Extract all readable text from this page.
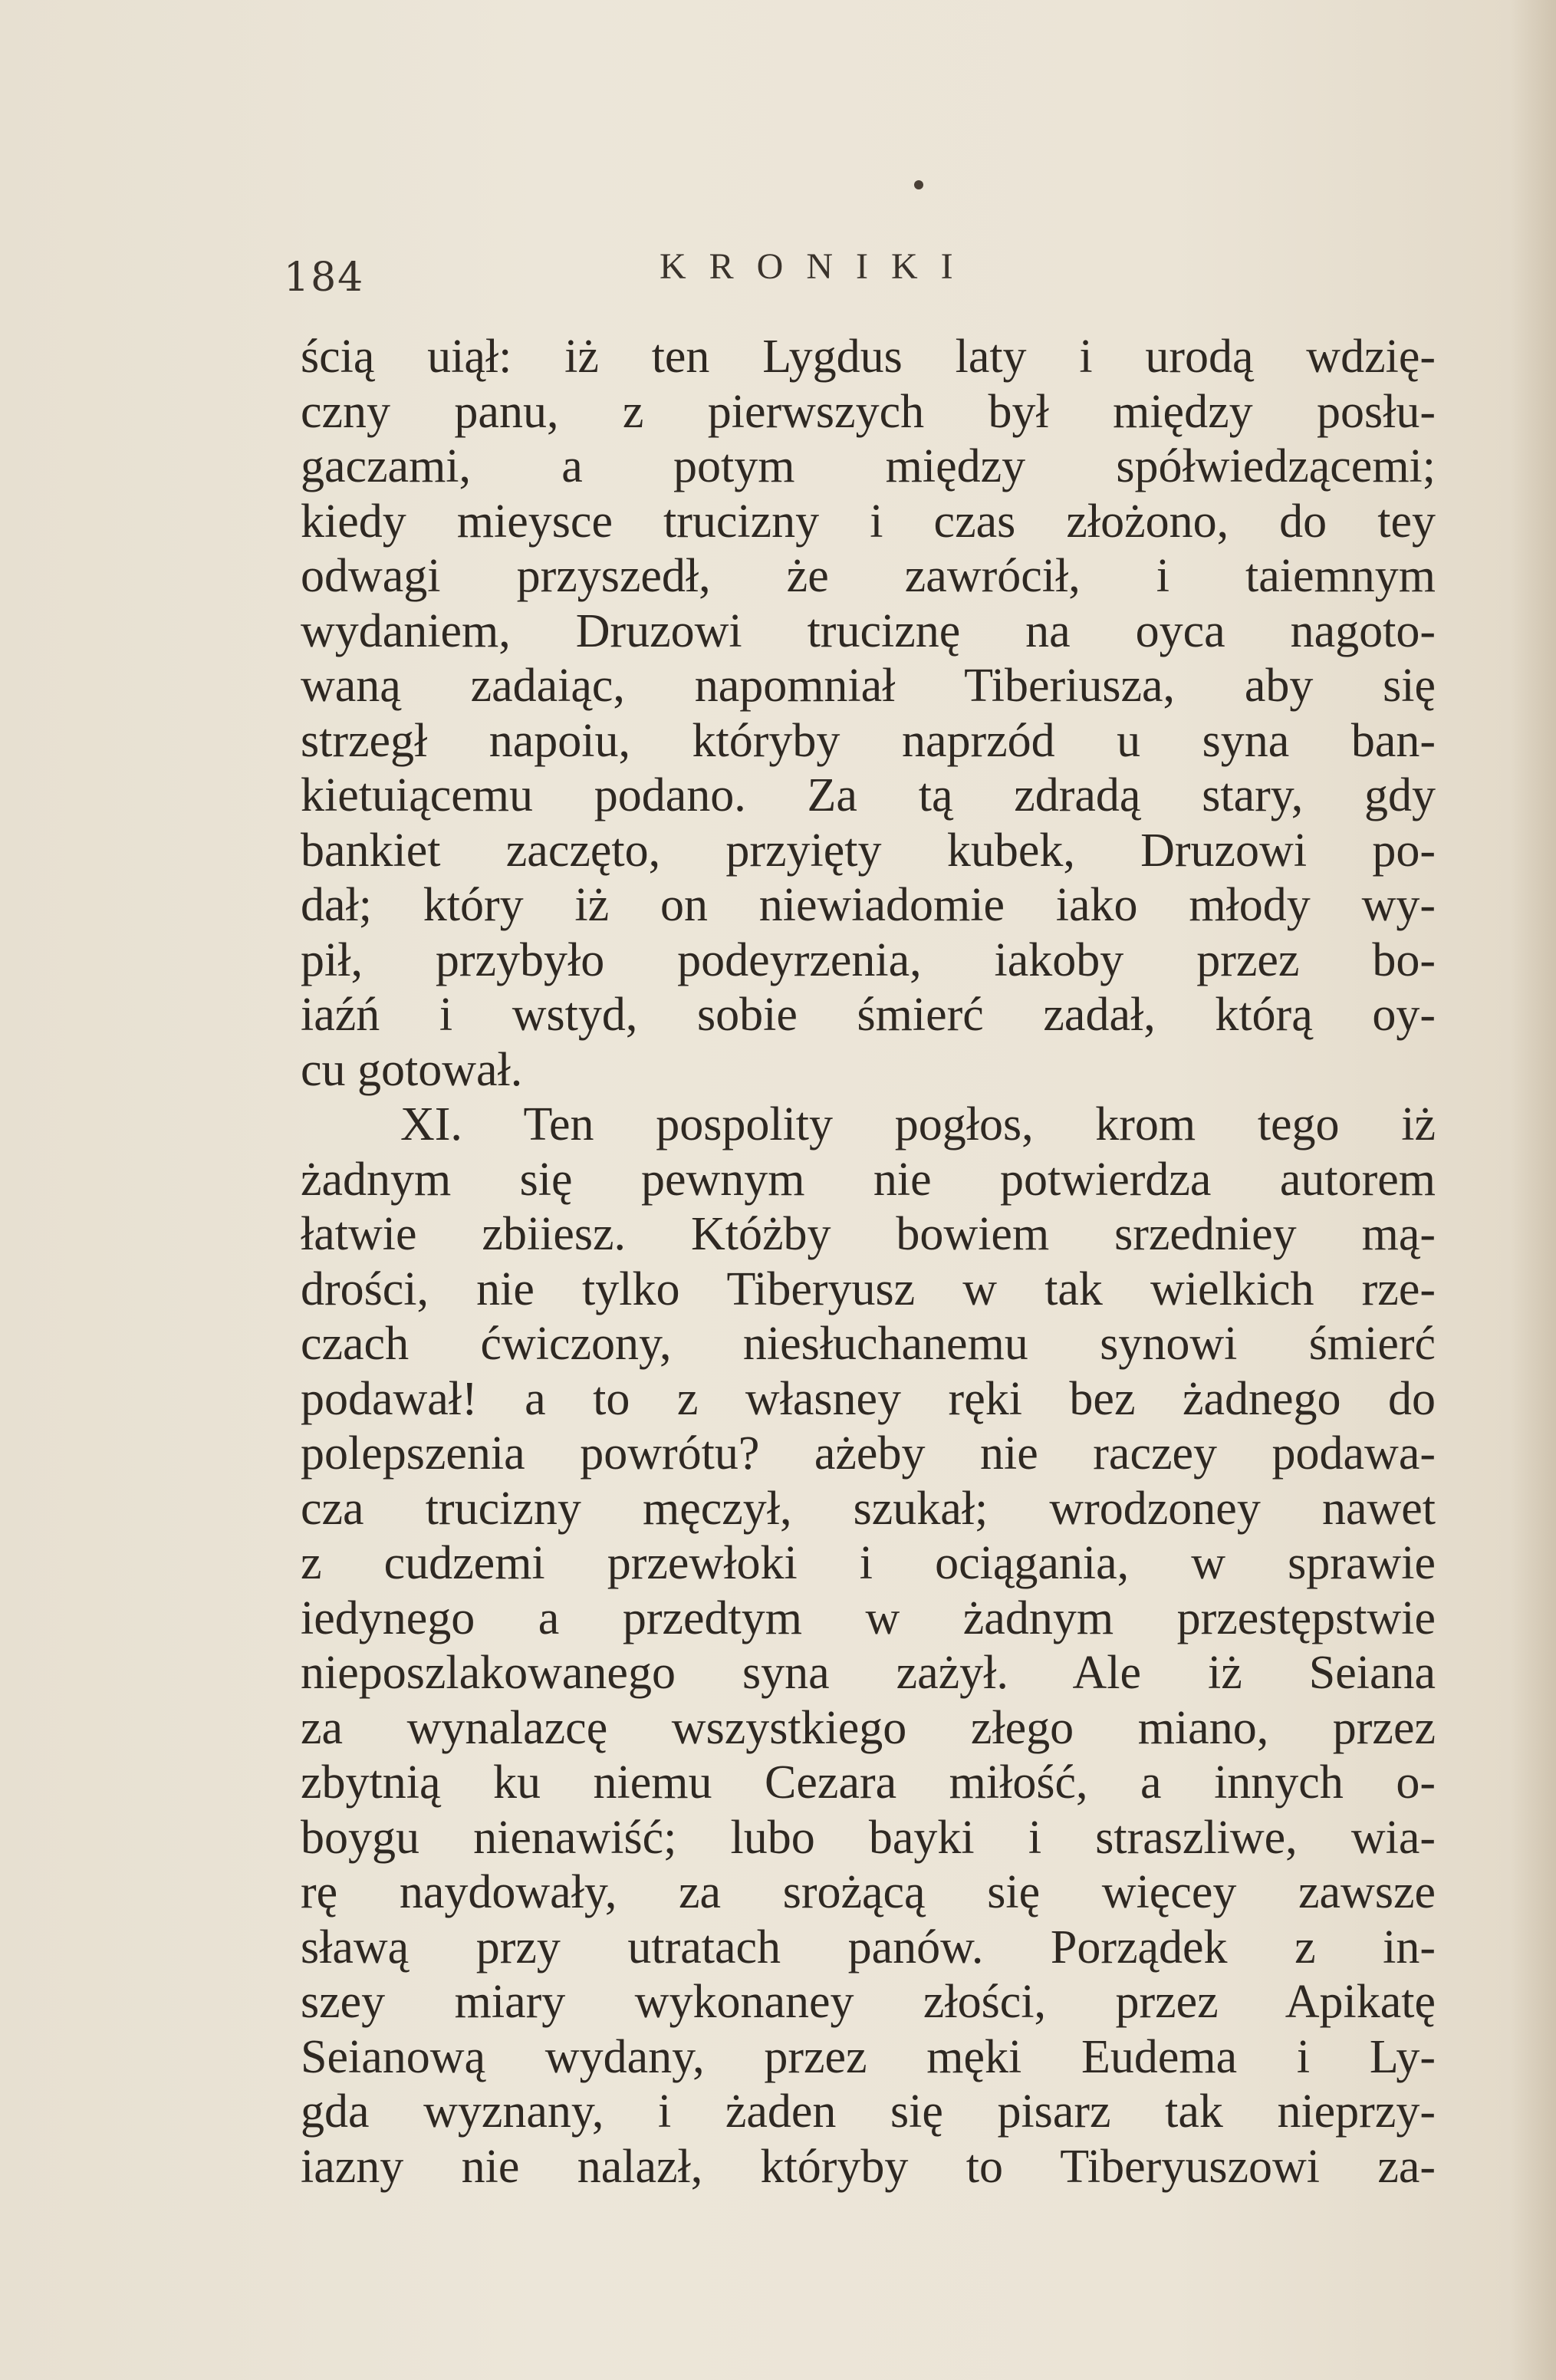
184	KRONIKI
ścią uiął: iż ten Lygdus laty i urodą wdzię-
czny panu, z pierwszych był między posłu-
gaczami, a potym między spółwiedzącemi;
kiedy mieysce trucizny i czas złożono, do tey
odwagi przyszedł, że zawrócił, i taiemnym
wydaniem, Druzowi truciznę na oyca nagoto-
waną zadaiąc, napomniał Tiberiusza, aby się
strzegł napoiu, któryby naprzód u syna ban-
kietuiącemu podano. Za tą zdradą stary, gdy
bankiet zaczęto, przyięty kubek, Druzowi po-
dał; który iż on niewiadomie iako młody wy-
pił, przybyło podeyrzenia, iakoby przez bo-
iaźń i wstyd, sobie śmierć zadał, którą oy-
cu gotował.
XI. Ten pospolity pogłos, krom tego iż
żadnym się pewnym nie potwierdza autorem
łatwie zbiiesz. Któżby bowiem srzedniey mą-
drości, nie tylko Tiberyusz w tak wielkich rze-
czach ćwiczony, niesłuchanemu synowi śmierć
podawał! a to z własney ręki bez żadnego do
polepszenia powrótu? ażeby nie raczey podawa-
cza trucizny męczył, szukał; wrodzoney nawet
z cudzemi przewłoki i ociągania, w sprawie
iedynego a przedtym w żadnym przestępstwie
nieposzlakowanego syna zażył. Ale iż Seiana
za wynalazcę wszystkiego złego miano, przez
zbytnią ku niemu Cezara miłość, a innych o-
boygu nienawiść; lubo bayki i straszliwe, wia-
rę naydowały, za srożącą się więcey zawsze
sławą przy utratach panów. Porządek z in-
szey miary wykonaney złości, przez Apikatę
Seianową wydany, przez męki Eudema i Ly-
gda wyznany, i żaden się pisarz tak nieprzy-
iazny nie nalazł, któryby to Tiberyuszowi za-
